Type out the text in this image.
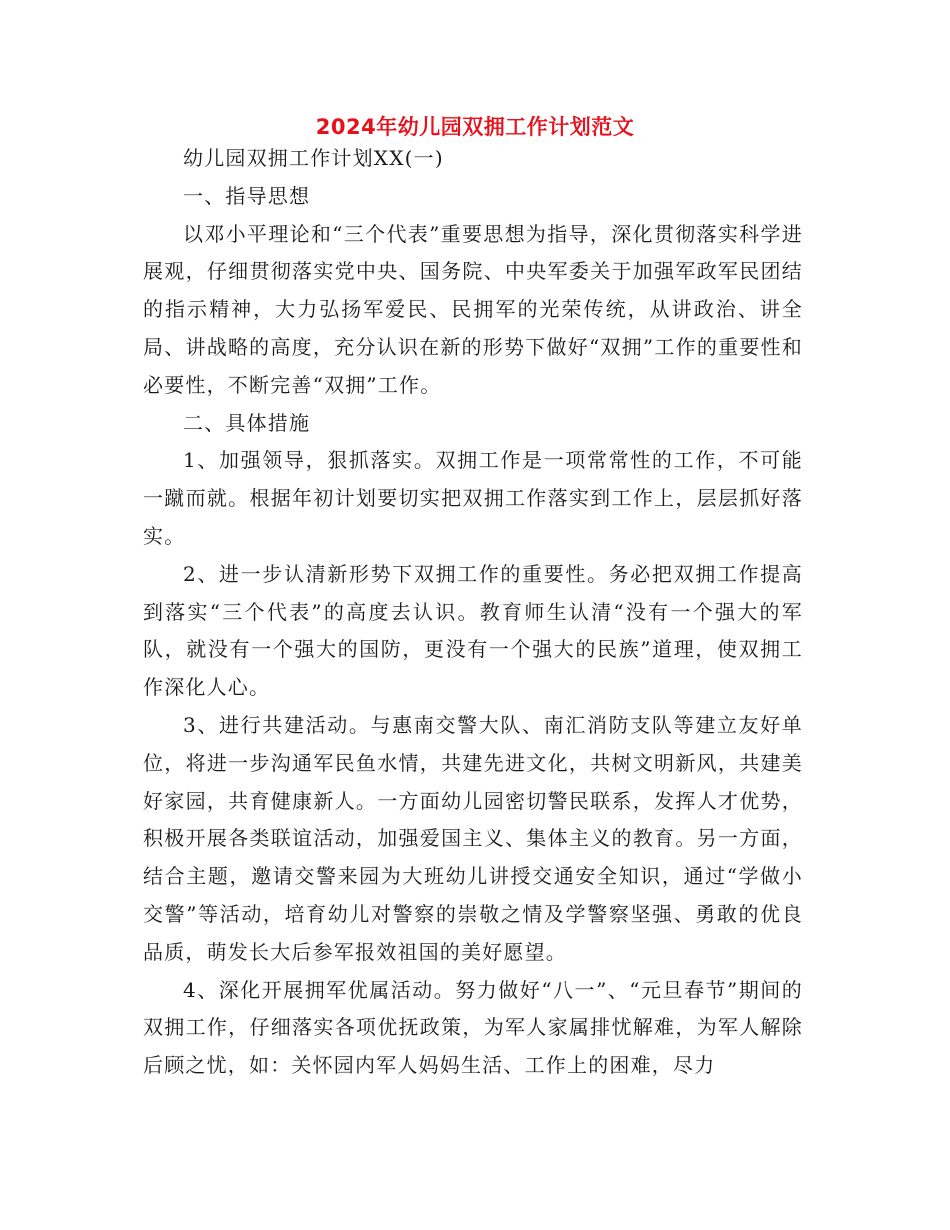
2024年幼儿园双拥工作计划范文

幼儿园双拥工作计划XX(一)

一、指导思想

以邓小平理论和“三个代表”重要思想为指导，深化贯彻落实科学进展观，仔细贯彻落实党中央、国务院、中央军委关于加强军政军民团结的指示精神，大力弘扬军爱民、民拥军的光荣传统，从讲政治、讲全局、讲战略的高度，充分认识在新的形势下做好“双拥”工作的重要性和必要性，不断完善“双拥”工作。

二、具体措施

1、加强领导，狠抓落实。双拥工作是一项常常性的工作，不可能一蹴而就。根据年初计划要切实把双拥工作落实到工作上，层层抓好落实。

2、进一步认清新形势下双拥工作的重要性。务必把双拥工作提高到落实“三个代表”的高度去认识。教育师生认清“没有一个强大的军队，就没有一个强大的国防，更没有一个强大的民族”道理，使双拥工作深化人心。

3、进行共建活动。与惠南交警大队、南汇消防支队等建立友好单位，将进一步沟通军民鱼水情，共建先进文化，共树文明新风，共建美好家园，共育健康新人。一方面幼儿园密切警民联系，发挥人才优势，积极开展各类联谊活动，加强爱国主义、集体主义的教育。另一方面，结合主题，邀请交警来园为大班幼儿讲授交通安全知识，通过“学做小交警”等活动，培育幼儿对警察的崇敬之情及学警察坚强、勇敢的优良品质，萌发长大后参军报效祖国的美好愿望。

4、深化开展拥军优属活动。努力做好“八一”、“元旦春节”期间的双拥工作，仔细落实各项优抚政策，为军人家属排忧解难，为军人解除后顾之忧，如：关怀园内军人妈妈生活、工作上的困难，尽力
